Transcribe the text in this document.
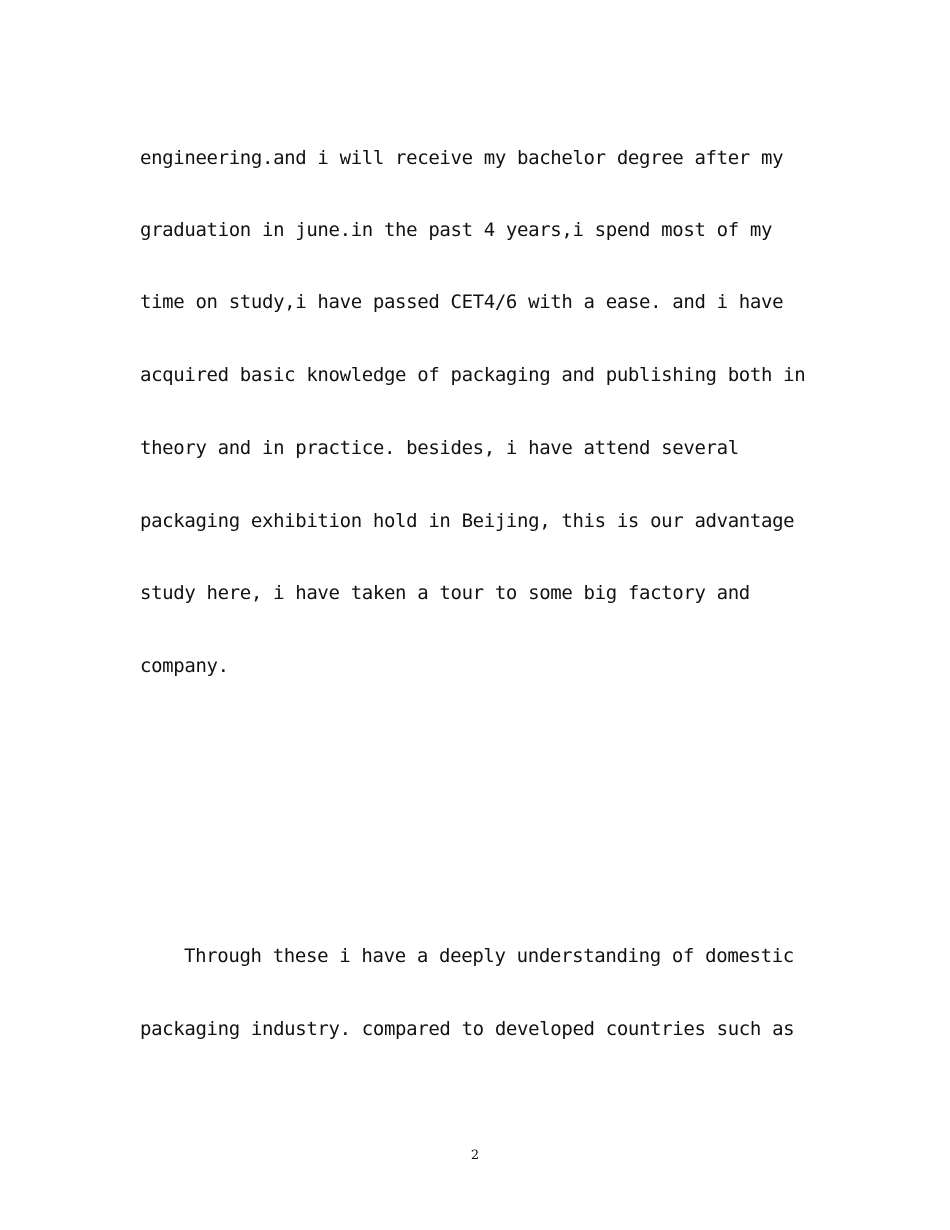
engineering.and i will receive my bachelor degree after my
graduation in june.in the past 4 years,i spend most of my
time on study,i have passed CET4/6 with a ease. and i have
acquired basic knowledge of packaging and publishing both in
theory and in practice. besides, i have attend several
packaging exhibition hold in Beijing, this is our advantage
study here, i have taken a tour to some big factory and
company.
Through these i have a deeply understanding of domestic
packaging industry. compared to developed countries such as
2
